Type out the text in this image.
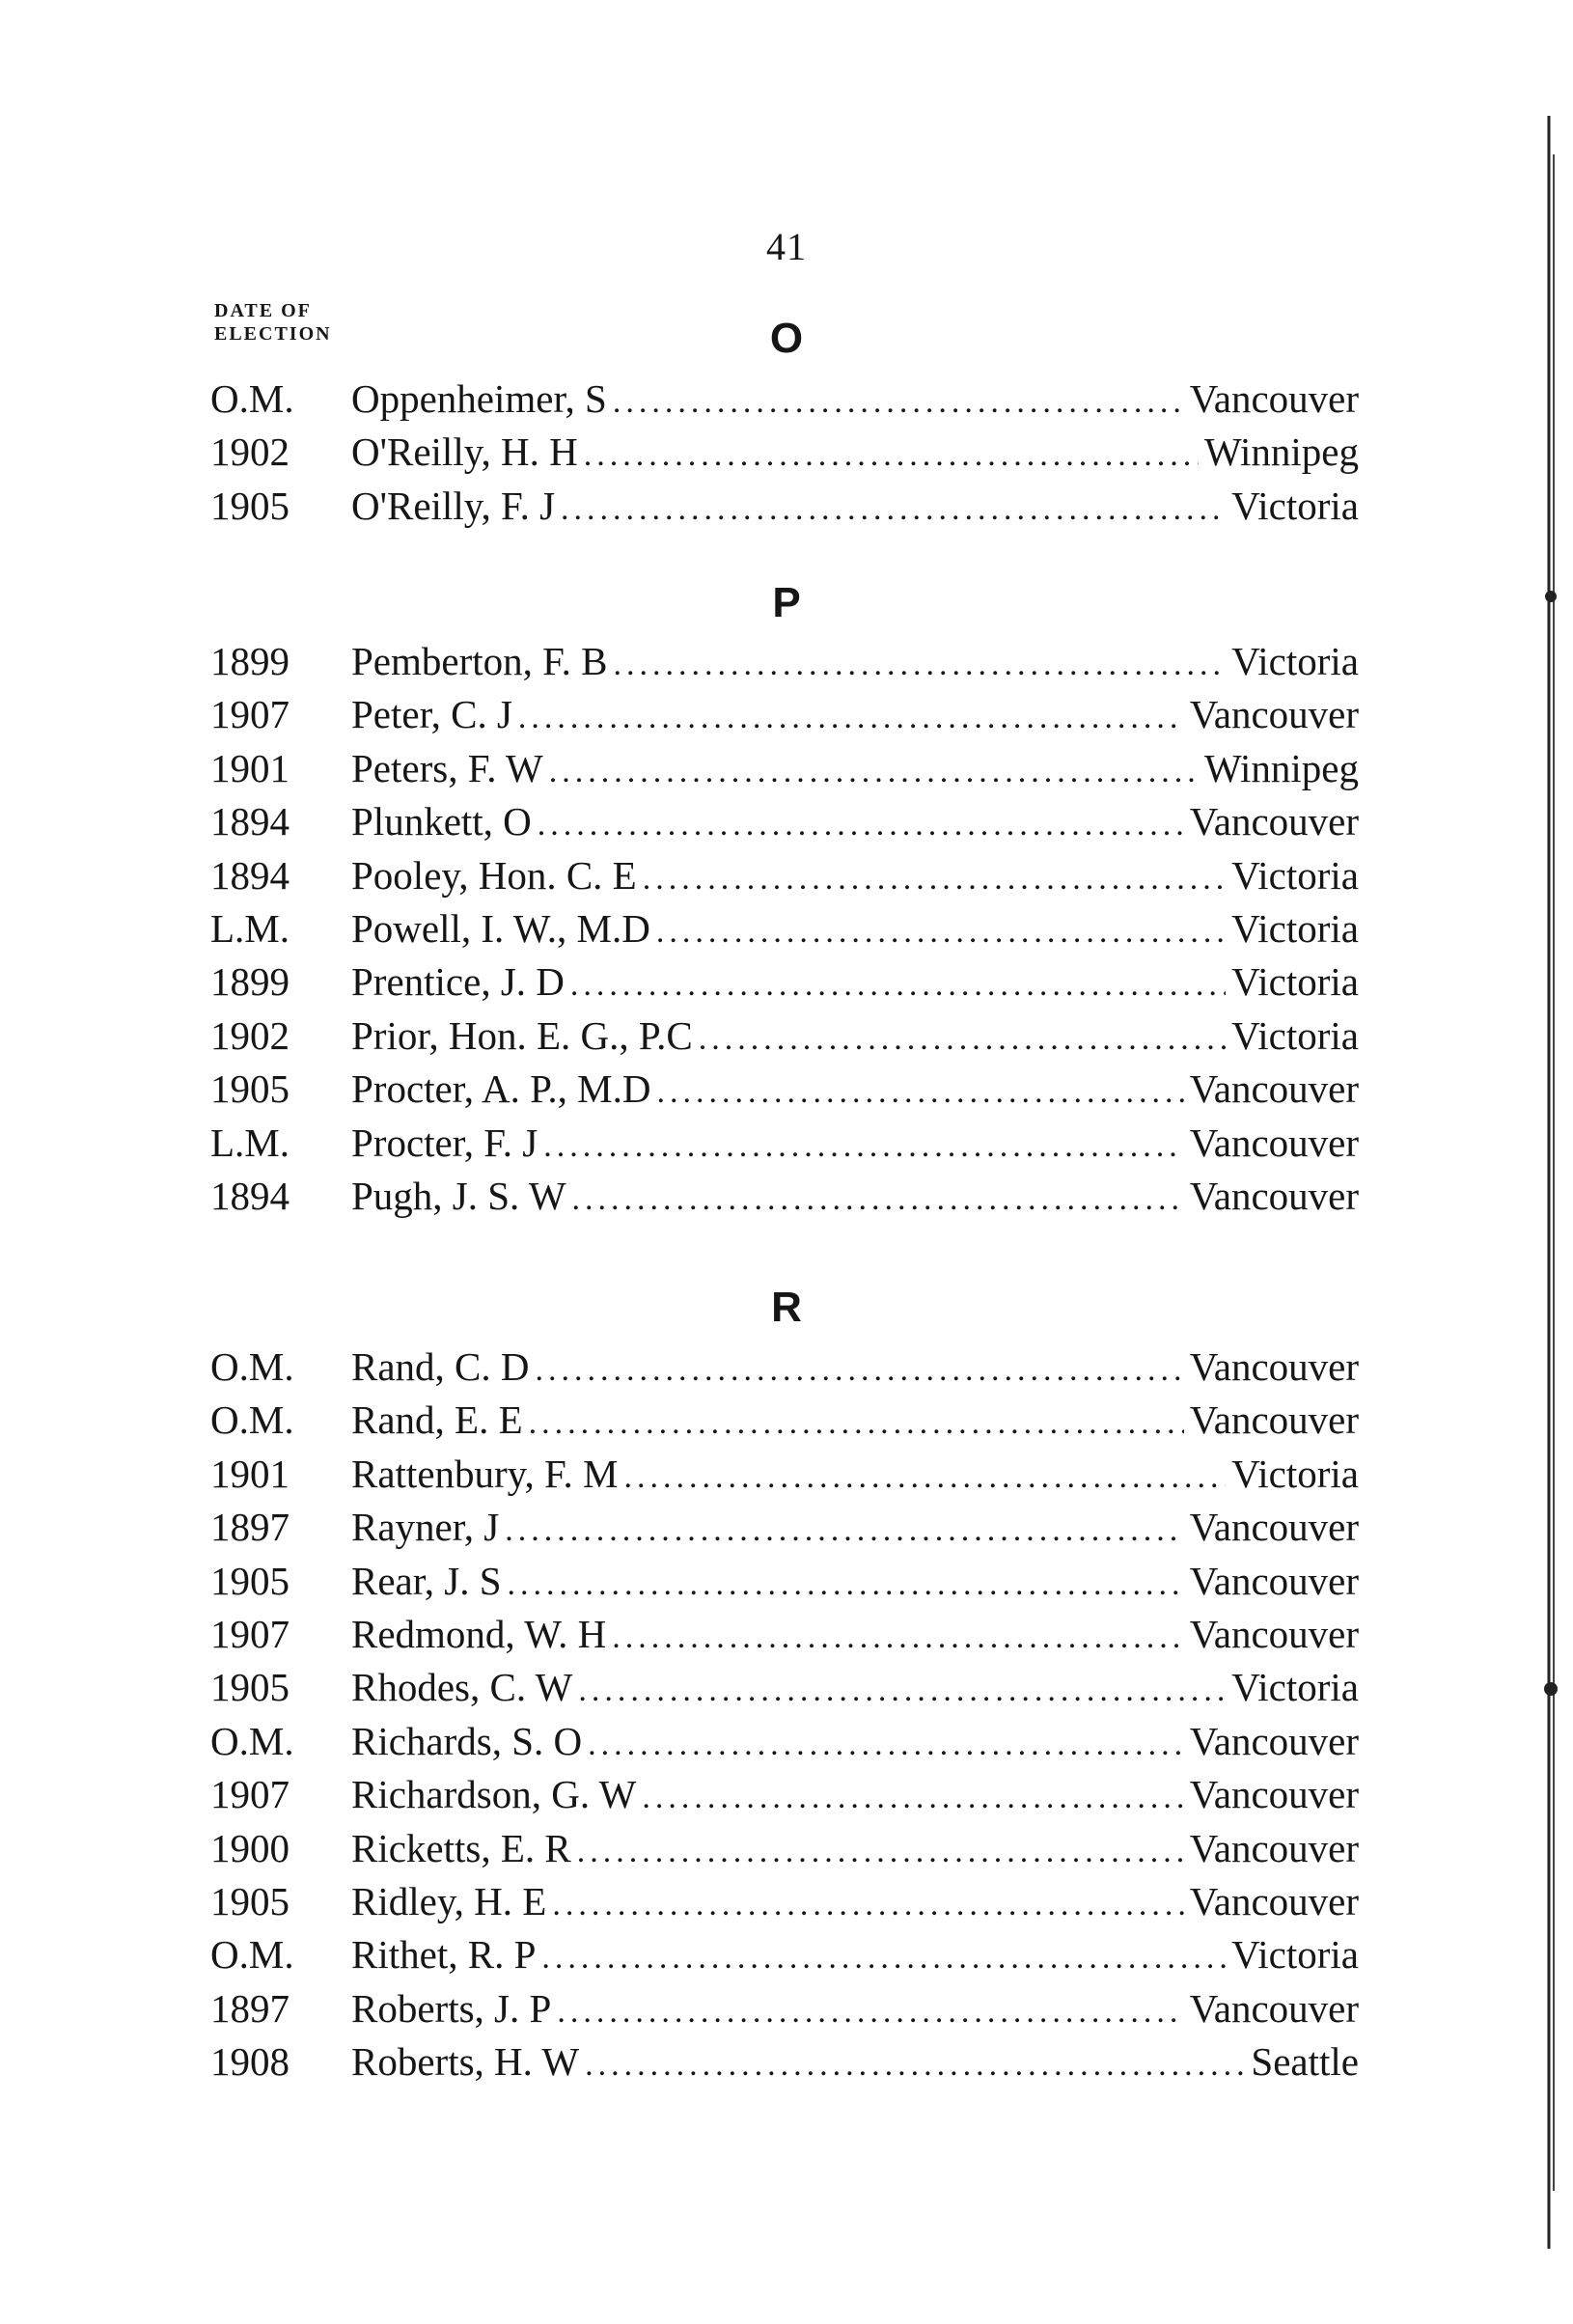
41
DATE OF
ELECTION	O
O.M.	Oppenheimer, S .....	Vancouver
1902	O'Reilly, H. H .....	Winnipeg
1905	O'Reilly, F. J .....	Victoria
P
1899	Pemberton, F. B .....	Victoria
1907	Peter, C. J .....	Vancouver
1901	Peters, F. W .....	Winnipeg
1894	Plunkett, O .....	Vancouver
1894	Pooley, Hon. C. E .....	Victoria
L.M.	Powell, I. W., M.D .....	Victoria
1899	Prentice, J. D .....	Victoria
1902	Prior, Hon. E. G., P.C .....	Victoria
1905	Procter, A. P., M.D .....	Vancouver
L.M.	Procter, F. J .....	Vancouver
1894	Pugh, J. S. W .....	Vancouver
R
O.M.	Rand, C. D .....	Vancouver
O.M.	Rand, E. E .....	Vancouver
1901	Rattenbury, F. M .....	Victoria
1897	Rayner, J .....	Vancouver
1905	Rear, J. S .....	Vancouver
1907	Redmond, W. H .....	Vancouver
1905	Rhodes, C. W .....	Victoria
O.M.	Richards, S. O .....	Vancouver
1907	Richardson, G. W .....	Vancouver
1900	Ricketts, E. R .....	Vancouver
1905	Ridley, H. E .....	Vancouver
O.M.	Rithet, R. P .....	Victoria
1897	Roberts, J. P .....	Vancouver
1908	Roberts, H. W .....	Seattle
